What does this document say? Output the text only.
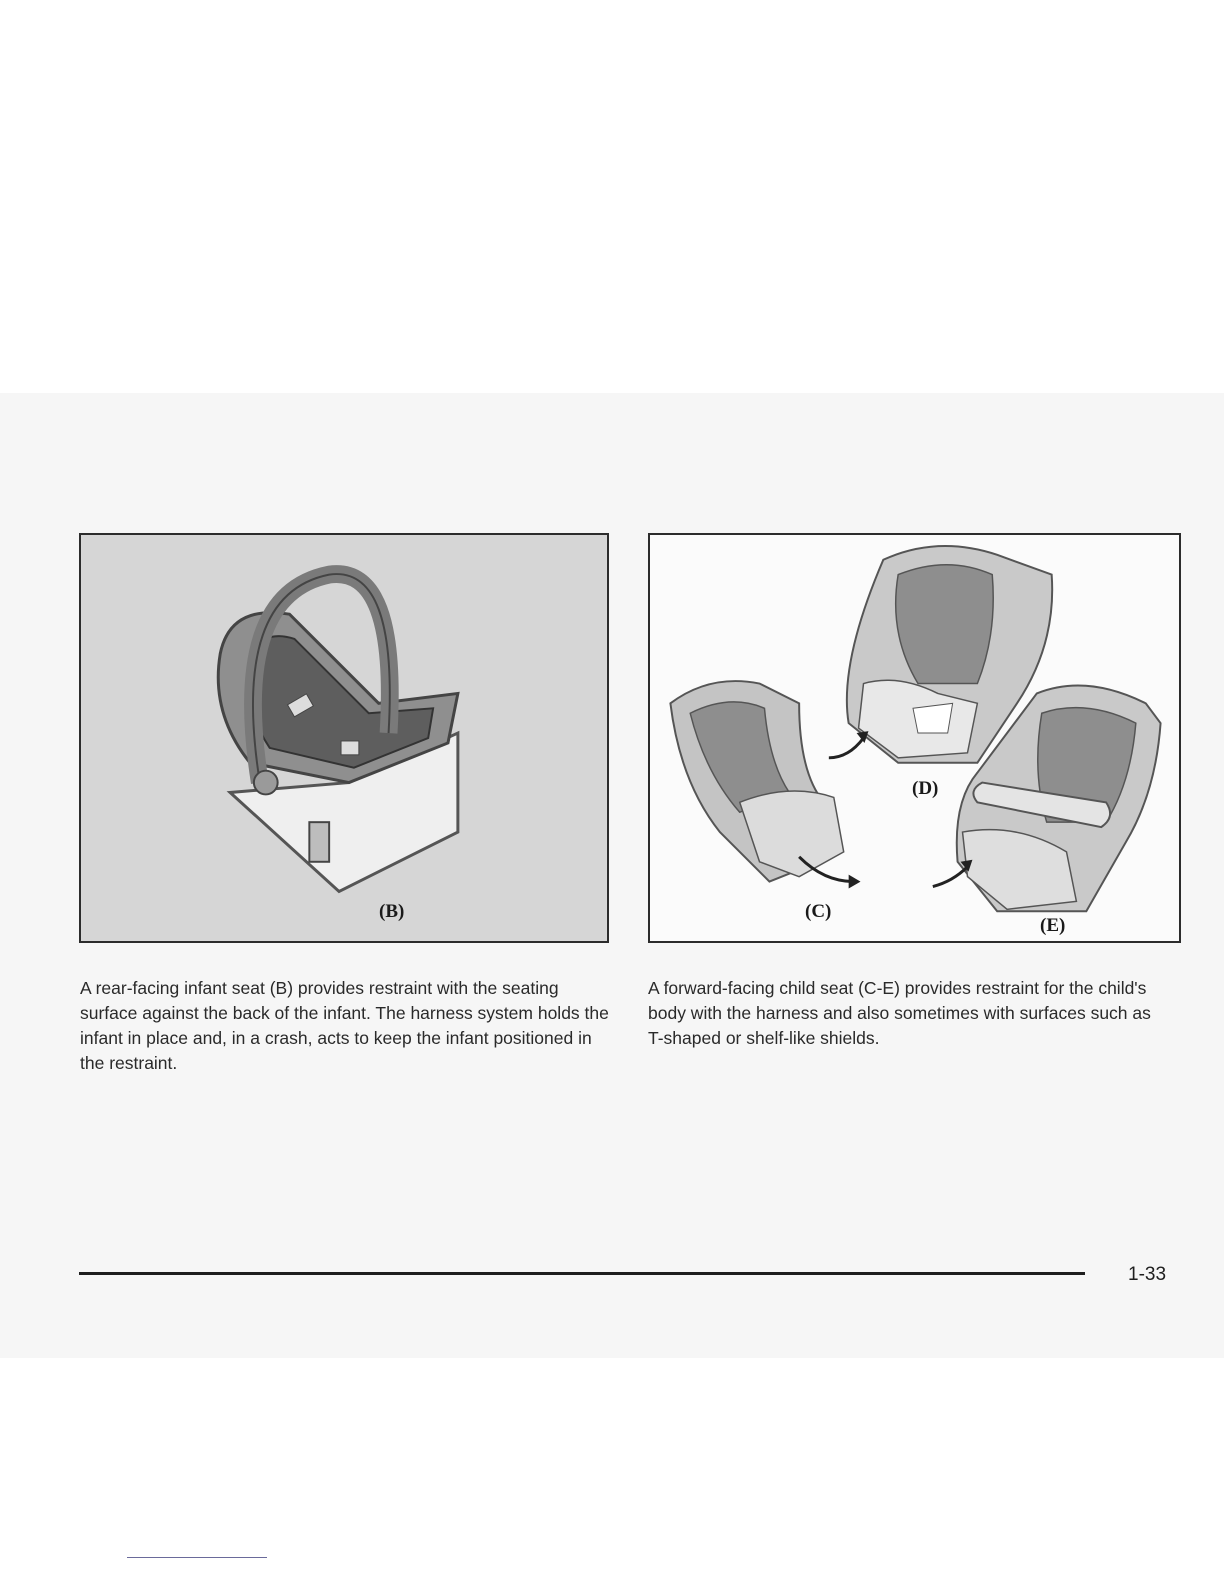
(B)
(D)
(C)
(E)

A rear-facing infant seat (B) provides restraint with the seating surface against the back of the infant. The harness system holds the infant in place and, in a crash, acts to keep the infant positioned in the restraint.

A forward-facing child seat (C-E) provides restraint for the child's body with the harness and also sometimes with surfaces such as T-shaped or shelf-like shields.

1-33
